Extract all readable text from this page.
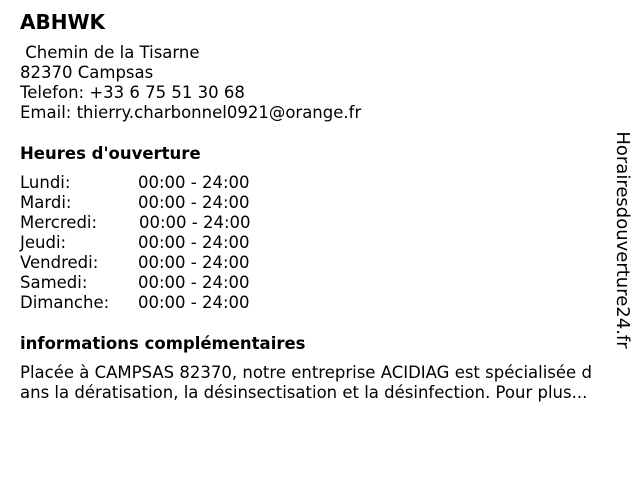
ABHWK
Chemin de la Tisarne
82370 Campsas
Telefon: +33 6 75 51 30 68
Email: thierry.charbonnel0921@orange.fr
Heures d'ouverture
Lundi:	00:00 - 24:00
Mardi:	00:00 - 24:00
Mercredi:	00:00 - 24:00
Jeudi:	00:00 - 24:00
Vendredi: 00:00 - 24:00
Samedi:	00:00 - 24:00
Dimanche: 00:00 - 24:00
informations complémentaires
Placée à CAMPSAS 82370, notre entreprise ACIDIAG est spécialisée d
ans la dératisation, la désinsectisation et la désinfection. Pour plus...
Horairesdouverture24.fr
